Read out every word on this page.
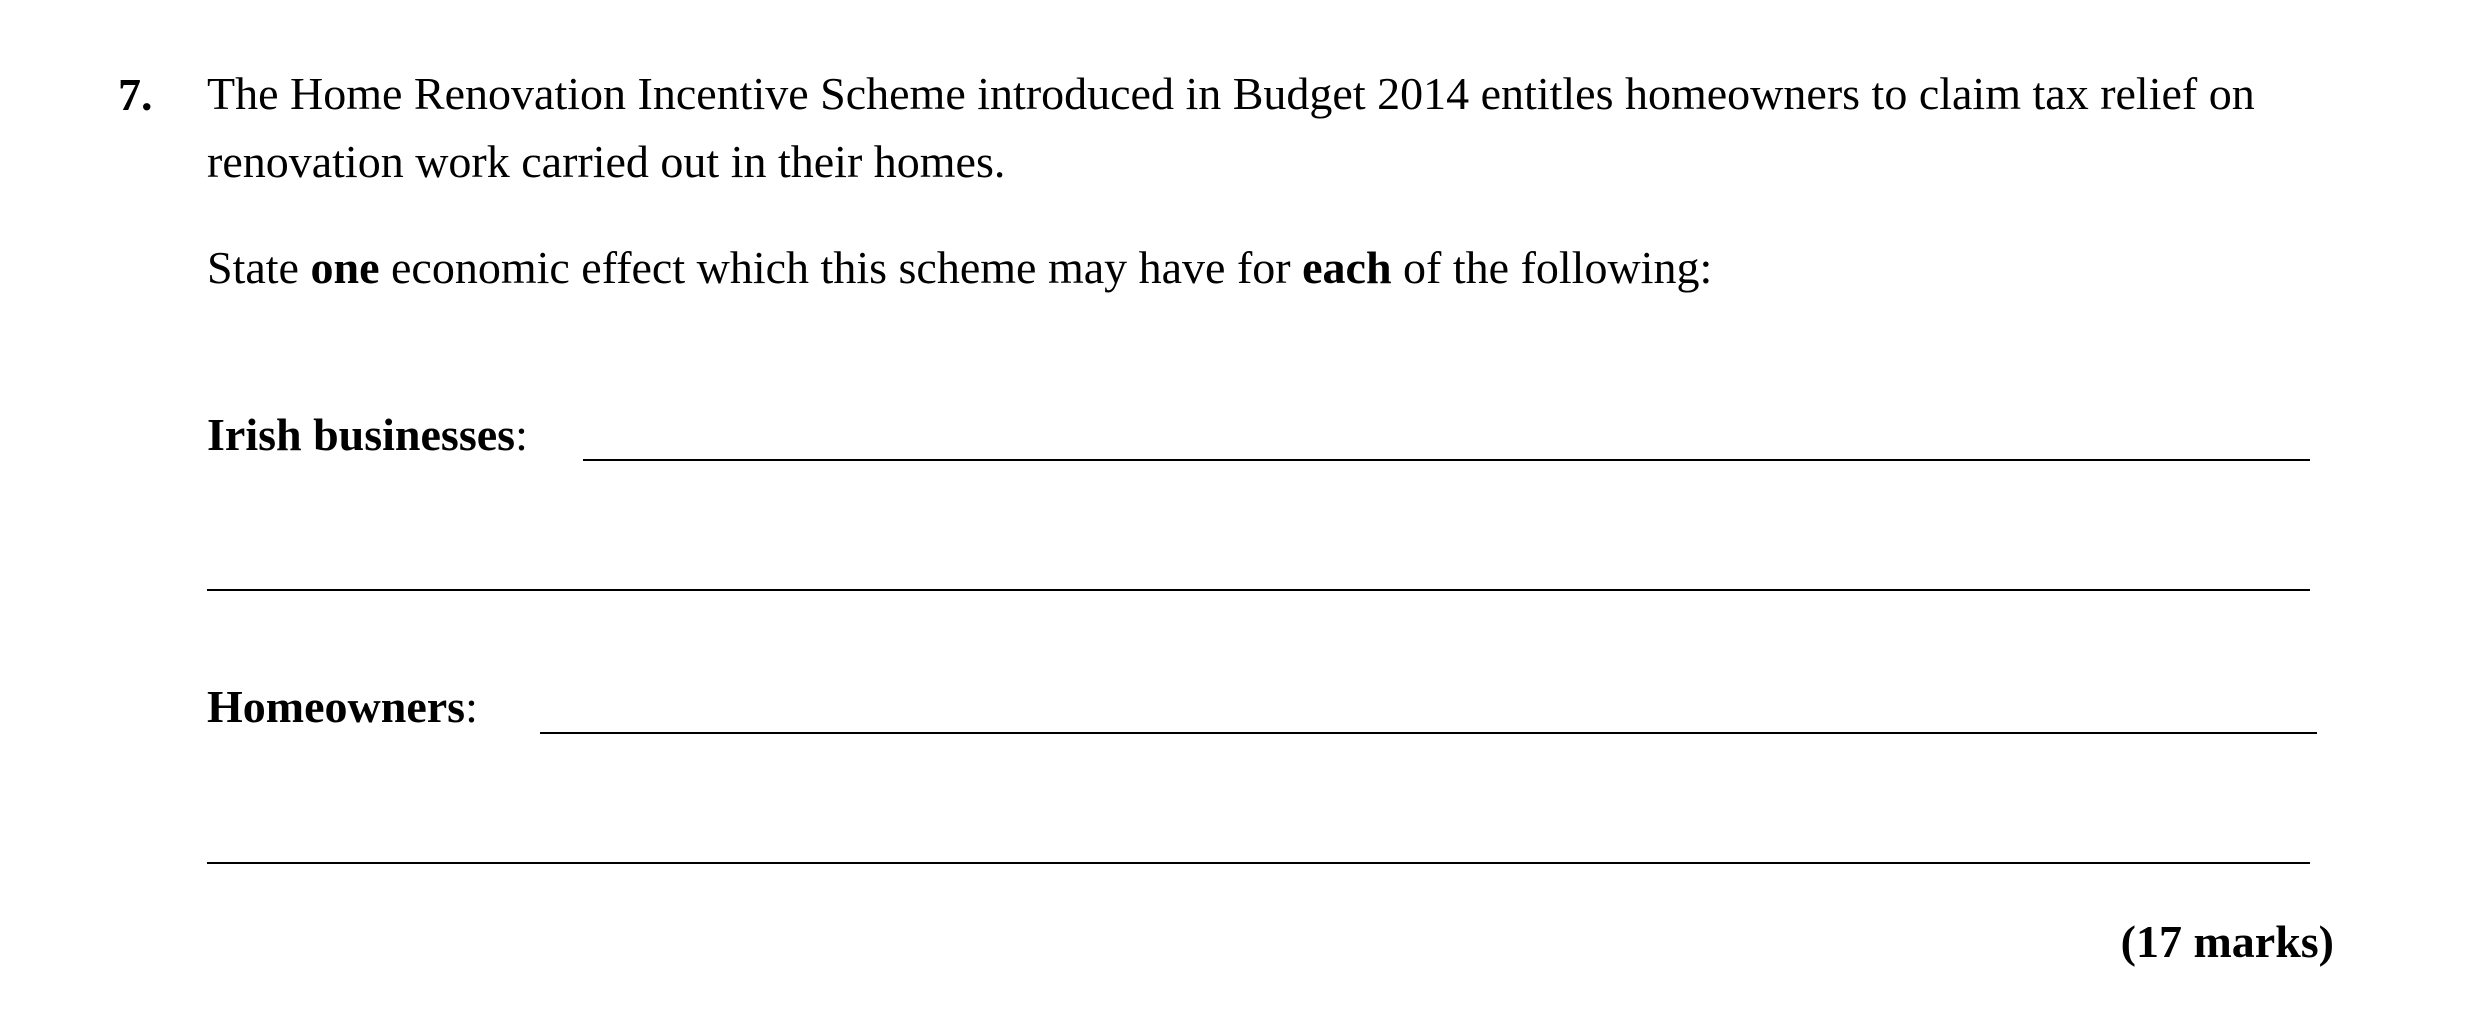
7. The Home Renovation Incentive Scheme introduced in Budget 2014 entitles homeowners to claim tax relief on renovation work carried out in their homes.
State one economic effect which this scheme may have for each of the following:
Irish businesses:
Homeowners:
(17 marks)
